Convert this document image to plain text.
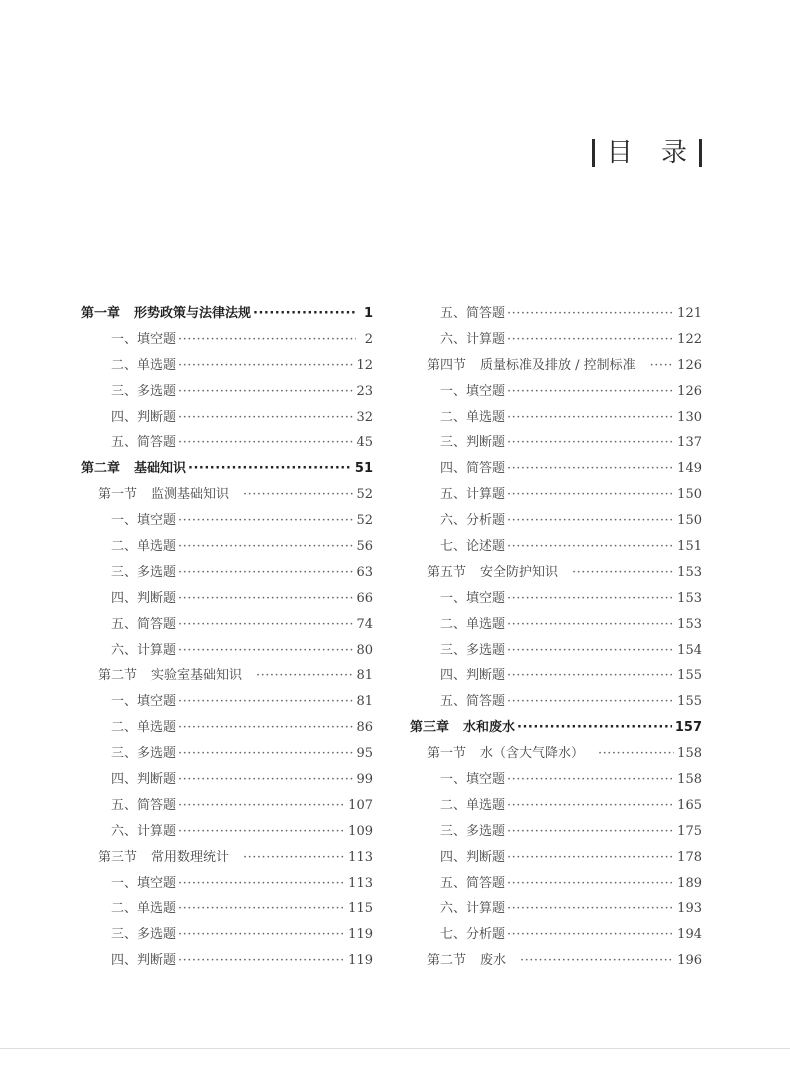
目 录
第一章 形势政策与法律法规 ·····	1
一、填空题 ·····	2
二、单选题 ·····	12
三、多选题 ·····	23
四、判断题 ·····	32
五、简答题 ·····	45
第二章 基础知识 ·····	51
第一节 监测基础知识 ·····	52
一、填空题 ·····	52
二、单选题 ·····	56
三、多选题 ·····	63
四、判断题 ·····	66
五、简答题 ·····	74
六、计算题 ·····	80
第二节 实验室基础知识 ·····	81
一、填空题 ·····	81
二、单选题 ·····	86
三、多选题 ·····	95
四、判断题 ·····	99
五、简答题 ·····	107
六、计算题 ·····	109
第三节 常用数理统计 ·····	113
一、填空题 ·····	113
二、单选题 ·····	115
三、多选题 ·····	119
四、判断题 ·····	119
五、简答题 ·····	121
六、计算题 ·····	122
第四节 质量标准及排放 / 控制标准 ·····	126
一、填空题 ·····	126
二、单选题 ·····	130
三、判断题 ·····	137
四、简答题 ·····	149
五、计算题 ·····	150
六、分析题 ·····	150
七、论述题 ·····	151
第五节 安全防护知识 ·····	153
一、填空题 ·····	153
二、单选题 ·····	153
三、多选题 ·····	154
四、判断题 ·····	155
五、简答题 ·····	155
第三章 水和废水 ·····	157
第一节 水（含大气降水） ·····	158
一、填空题 ·····	158
二、单选题 ·····	165
三、多选题 ·····	175
四、判断题 ·····	178
五、简答题 ·····	189
六、计算题 ·····	193
七、分析题 ·····	194
第二节 废水 ·····	196
